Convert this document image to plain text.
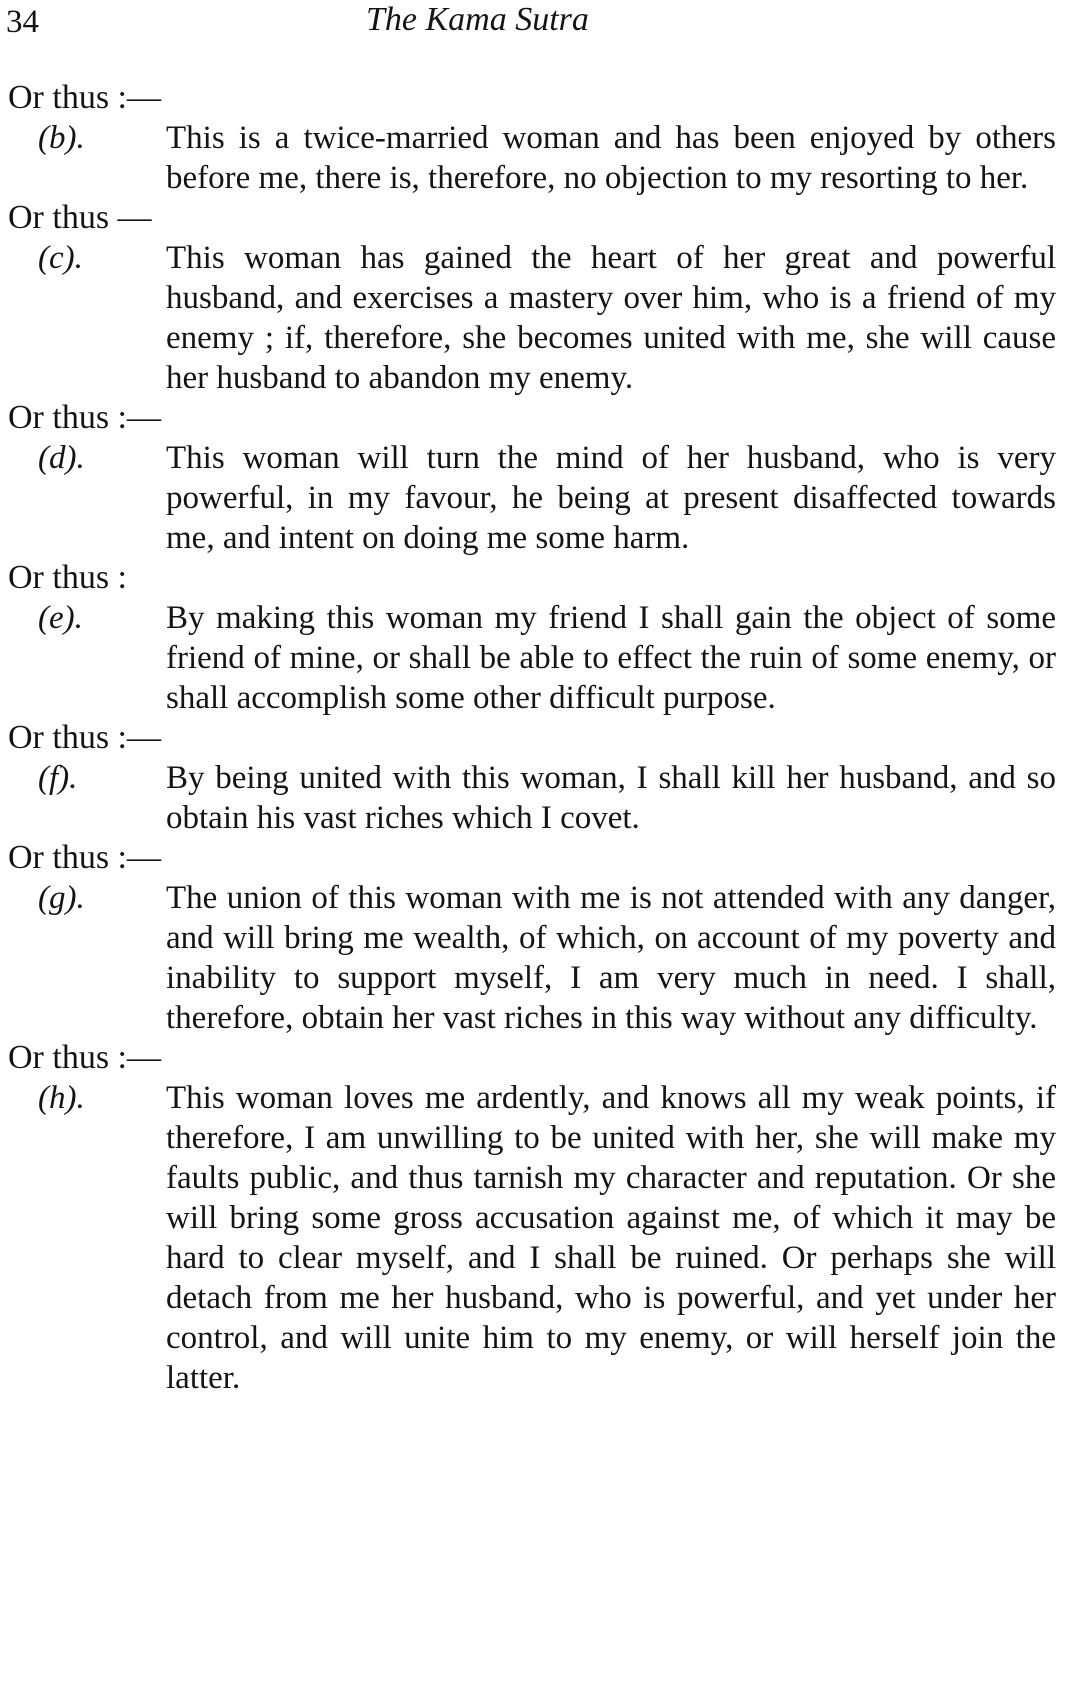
34	The Kama Sutra
Or thus :—
(b).	This is a twice-married woman and has been enjoyed by others before me, there is, therefore, no objection to my resorting to her.
Or thus —
(c).	This woman has gained the heart of her great and powerful husband, and exercises a mastery over him, who is a friend of my enemy ; if, therefore, she becomes united with me, she will cause her husband to abandon my enemy.
Or thus :—
(d).	This woman will turn the mind of her husband, who is very powerful, in my favour, he being at present disaffected towards me, and intent on doing me some harm.
Or thus :
(e).	By making this woman my friend I shall gain the object of some friend of mine, or shall be able to effect the ruin of some enemy, or shall accomplish some other difficult purpose.
Or thus :—
(f).	By being united with this woman, I shall kill her husband, and so obtain his vast riches which I covet.
Or thus :—
(g).	The union of this woman with me is not attended with any danger, and will bring me wealth, of which, on account of my poverty and inability to support myself, I am very much in need. I shall, therefore, obtain her vast riches in this way without any difficulty.
Or thus :—
(h).	This woman loves me ardently, and knows all my weak points, if therefore, I am unwilling to be united with her, she will make my faults public, and thus tarnish my character and reputation. Or she will bring some gross accusation against me, of which it may be hard to clear myself, and I shall be ruined. Or perhaps she will detach from me her husband, who is powerful, and yet under her control, and will unite him to my enemy, or will herself join the latter.
